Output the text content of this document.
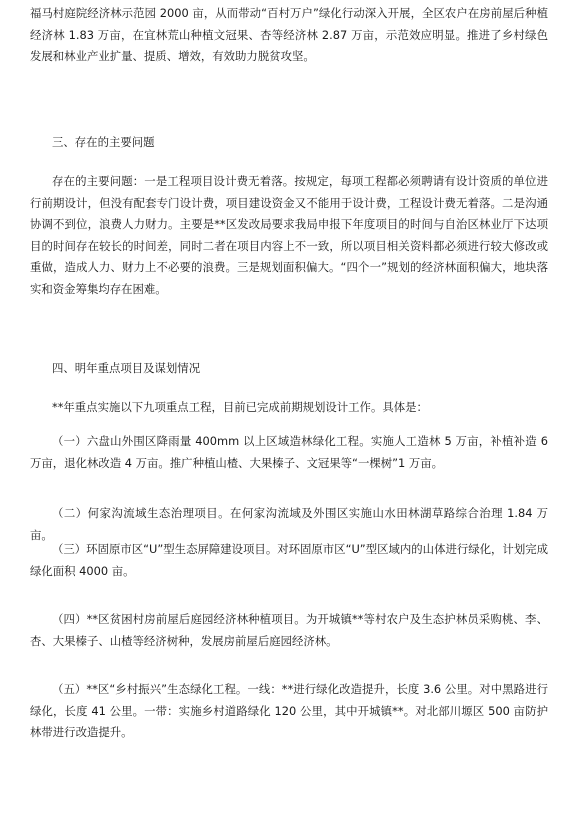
福马村庭院经济林示范园 2000 亩，从而带动“百村万户”绿化行动深入开展，全区农户在房前屋后种植经济林 1.83 万亩，在宜林荒山种植文冠果、杏等经济林 2.87 万亩，示范效应明显。推进了乡村绿色发展和林业产业扩量、提质、增效，有效助力脱贫攻坚。

三、存在的主要问题

存在的主要问题：一是工程项目设计费无着落。按规定，每项工程都必须聘请有设计资质的单位进行前期设计，但没有配套专门设计费，项目建设资金又不能用于设计费，工程设计费无着落。二是沟通协调不到位，浪费人力财力。主要是**区发改局要求我局申报下年度项目的时间与自治区林业厅下达项目的时间存在较长的时间差，同时二者在项目内容上不一致，所以项目相关资料都必须进行较大修改或重做，造成人力、财力上不必要的浪费。三是规划面积偏大。“四个一”规划的经济林面积偏大，地块落实和资金筹集均存在困难。

四、明年重点项目及谋划情况

**年重点实施以下九项重点工程，目前已完成前期规划设计工作。具体是：

（一）六盘山外围区降雨量 400mm 以上区域造林绿化工程。实施人工造林 5 万亩，补植补造 6 万亩，退化林改造 4 万亩。推广种植山楂、大果榛子、文冠果等“一棵树”1 万亩。

（二）何家沟流域生态治理项目。在何家沟流域及外围区实施山水田林湖草路综合治理 1.84 万亩。

（三）环固原市区“U”型生态屏障建设项目。对环固原市区“U”型区域内的山体进行绿化，计划完成绿化面积 4000 亩。

（四）**区贫困村房前屋后庭园经济林种植项目。为开城镇**等村农户及生态护林员采购桃、李、杏、大果榛子、山楂等经济树种，发展房前屋后庭园经济林。

（五）**区“乡村振兴”生态绿化工程。一线：**进行绿化改造提升，长度 3.6 公里。对中黑路进行绿化，长度 41 公里。一带：实施乡村道路绿化 120 公里，其中开城镇**。对北部川塬区 500 亩防护林带进行改造提升。
